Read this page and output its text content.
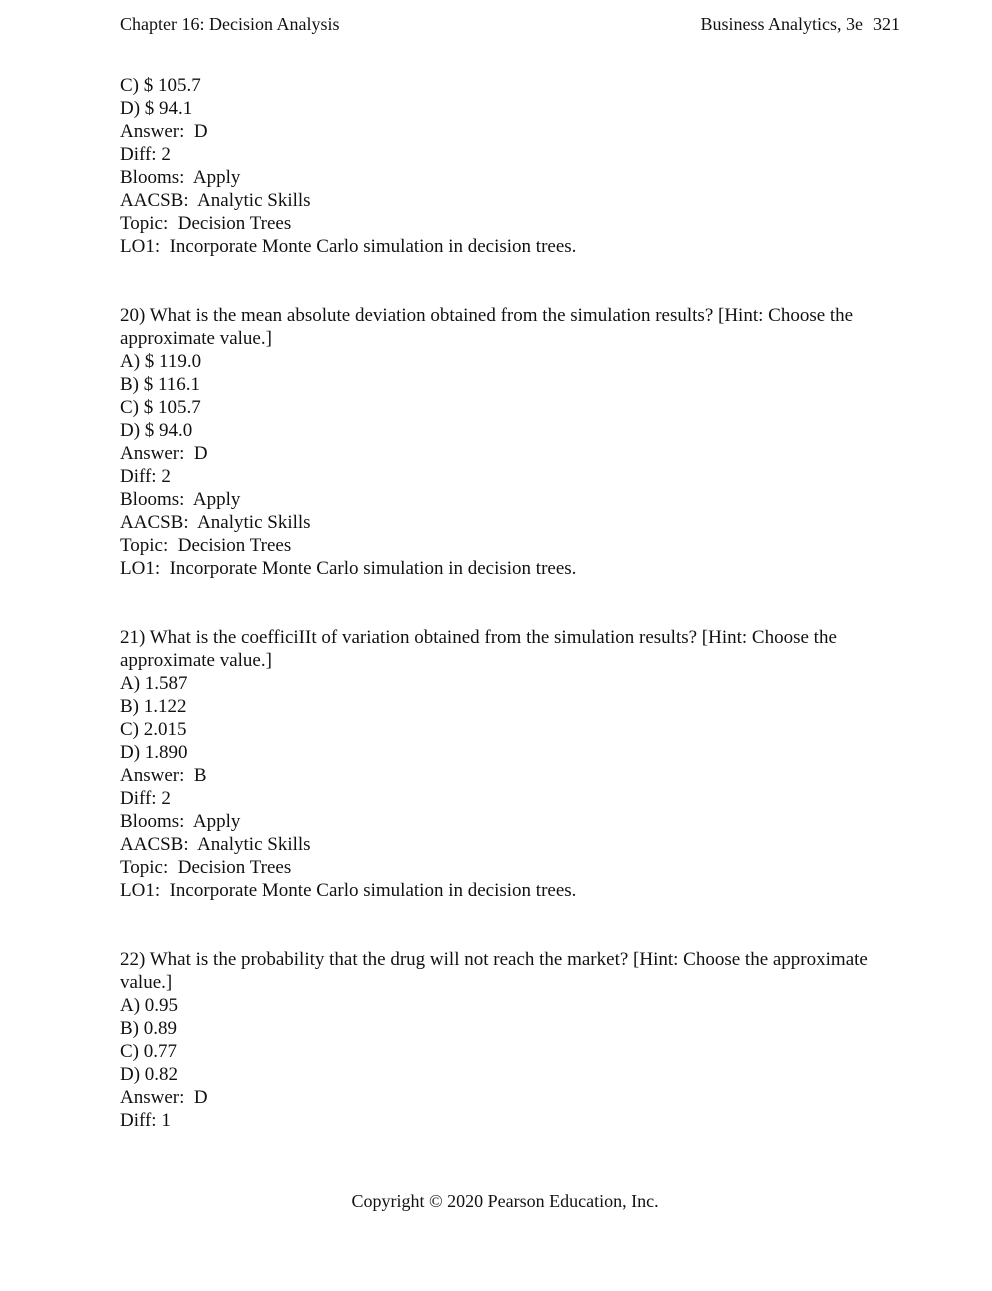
Chapter 16: Decision Analysis	Business Analytics, 3e 321
C) $ 105.7
D) $ 94.1
Answer:  D
Diff: 2
Blooms:  Apply
AACSB:  Analytic Skills
Topic:  Decision Trees
LO1:  Incorporate Monte Carlo simulation in decision trees.
20) What is the mean absolute deviation obtained from the simulation results? [Hint: Choose the approximate value.]
A) $ 119.0
B) $ 116.1
C) $ 105.7
D) $ 94.0
Answer:  D
Diff: 2
Blooms:  Apply
AACSB:  Analytic Skills
Topic:  Decision Trees
LO1:  Incorporate Monte Carlo simulation in decision trees.
21) What is the coefficiIIt of variation obtained from the simulation results? [Hint: Choose the approximate value.]
A) 1.587
B) 1.122
C) 2.015
D) 1.890
Answer:  B
Diff: 2
Blooms:  Apply
AACSB:  Analytic Skills
Topic:  Decision Trees
LO1:  Incorporate Monte Carlo simulation in decision trees.
22) What is the probability that the drug will not reach the market? [Hint: Choose the approximate value.]
A) 0.95
B) 0.89
C) 0.77
D) 0.82
Answer:  D
Diff: 1
Copyright © 2020 Pearson Education, Inc.
